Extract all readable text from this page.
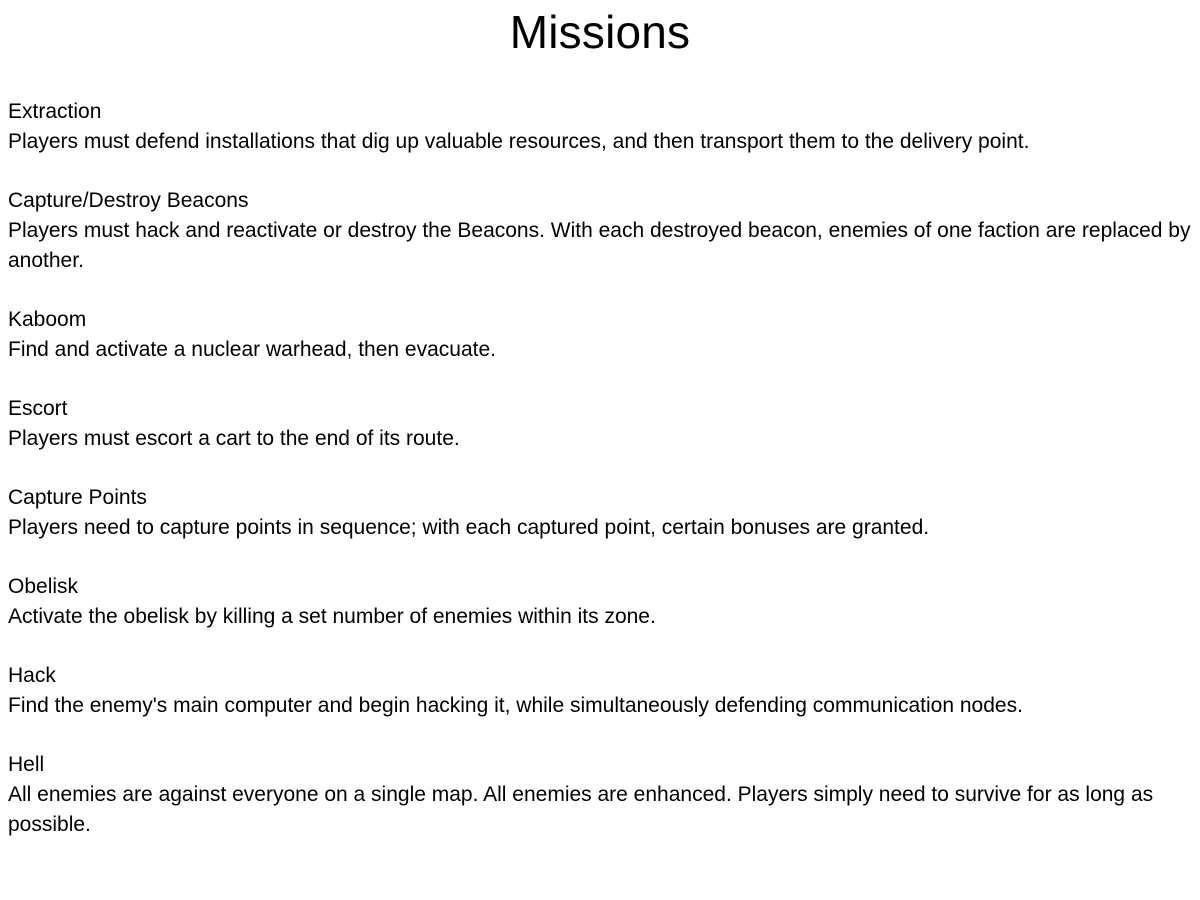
Missions
Extraction

Players must defend installations that dig up valuable resources, and then transport them to the delivery point.

Capture/Destroy Beacons

Players must hack and reactivate or destroy the Beacons. With each destroyed beacon, enemies of one faction are replaced by another.

Kaboom

Find and activate a nuclear warhead, then evacuate.

Escort

Players must escort a cart to the end of its route.

Capture Points

Players need to capture points in sequence; with each captured point, certain bonuses are granted.

Obelisk

Activate the obelisk by killing a set number of enemies within its zone.

Hack

Find the enemy's main computer and begin hacking it, while simultaneously defending communication nodes.

Hell

All enemies are against everyone on a single map. All enemies are enhanced. Players simply need to survive for as long as possible.
